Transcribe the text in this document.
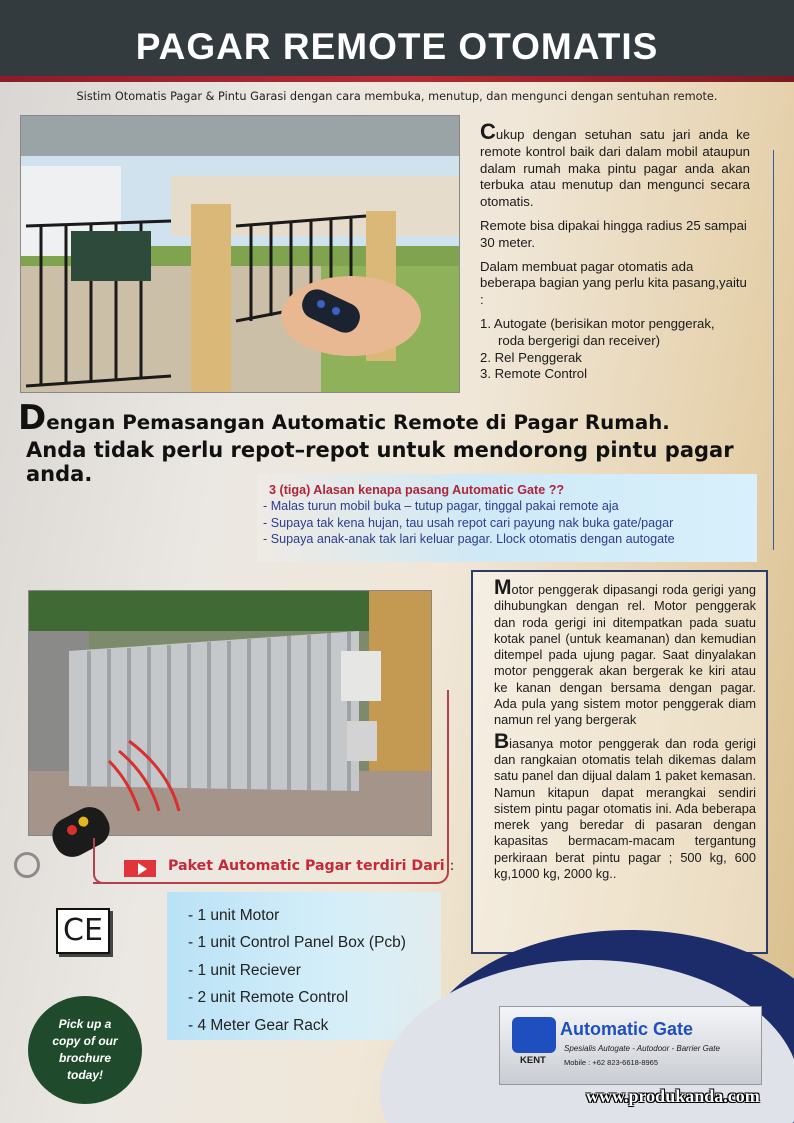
PAGAR REMOTE OTOMATIS
Sistim Otomatis Pagar & Pintu Garasi dengan cara membuka, menutup, dan mengunci dengan sentuhan remote.

Cukup dengan setuhan satu jari anda ke remote kontrol baik dari dalam mobil ataupun dalam rumah maka pintu pagar anda akan terbuka atau menutup dan mengunci secara otomatis.

Remote bisa dipakai hingga radius 25 sampai 30 meter.

Dalam membuat pagar otomatis ada beberapa bagian yang perlu kita pasang,yaitu :

1. Autogate (berisikan motor penggerak,
roda bergerigi dan receiver)
2. Rel Penggerak
3. Remote Control
Dengan Pemasangan Automatic Remote di Pagar Rumah.
Anda tidak perlu repot–repot untuk mendorong pintu pagar anda.
3 (tiga) Alasan kenapa pasang Automatic Gate ??
- Malas turun mobil buka – tutup pagar, tinggal pakai remote aja
- Supaya tak kena hujan, tau usah repot cari payung nak buka gate/pagar
- Supaya anak-anak tak lari keluar pagar. Llock otomatis dengan autogate

Motor penggerak dipasangi roda gerigi yang dihubungkan dengan rel. Motor penggerak dan roda gerigi ini ditempatkan pada suatu kotak panel (untuk keamanan) dan kemudian ditempel pada ujung pagar. Saat dinyalakan motor penggerak akan bergerak ke kiri atau ke kanan dengan bersama dengan pagar. Ada pula yang sistem motor penggerak diam namun rel yang bergerak

Biasanya motor penggerak dan roda gerigi dan rangkaian otomatis telah dikemas dalam satu panel dan dijual dalam 1 paket kemasan. Namun kitapun dapat merangkai sendiri sistem pintu pagar otomatis ini. Ada beberapa merek yang beredar di pasaran dengan kapasitas bermacam-macam tergantung perkiraan berat pintu pagar ; 500 kg, 600 kg,1000 kg, 2000 kg..

Paket Automatic Pagar terdiri Dari :
- 1 unit Motor
- 1 unit Control Panel Box (Pcb)
- 1 unit Reciever
- 2 unit Remote Control
- 4 Meter Gear Rack
CE
Pick up a
copy of our
brochure
today!
Automatic Gate
KENT
Spesialis Autogate - Autodoor - Barrier Gate
Mobile : +62 823-6618-8965
www.produkanda.com
